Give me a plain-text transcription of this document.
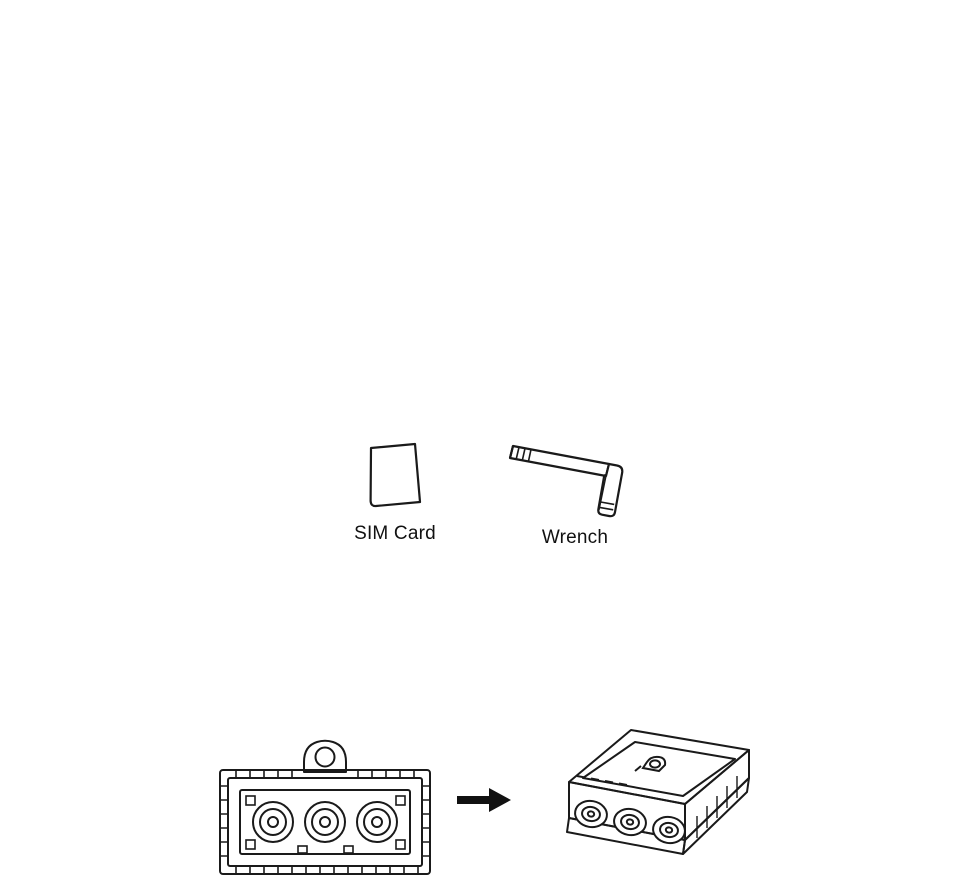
SIM Card	Wrench
